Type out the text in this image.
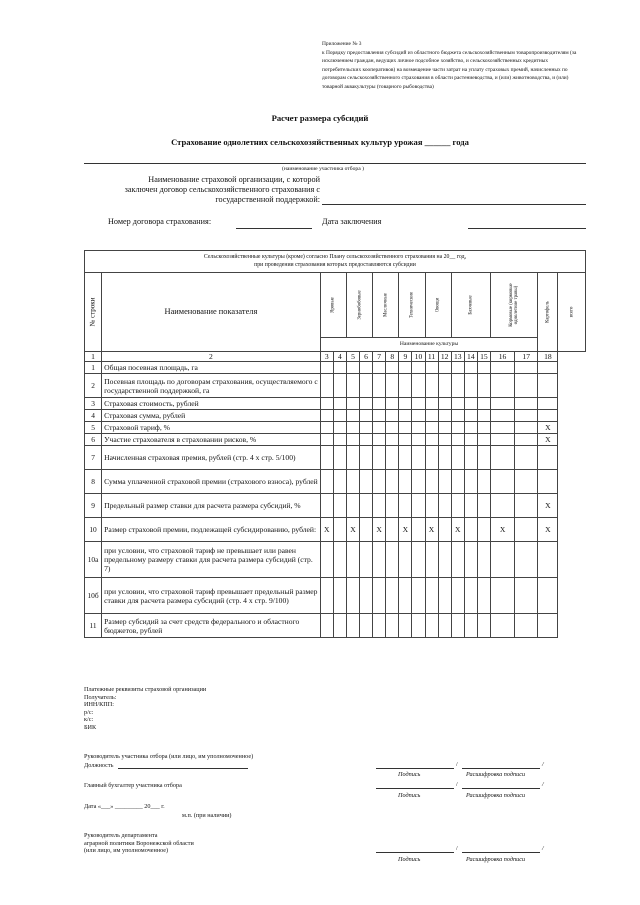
Приложение № 3
к Порядку предоставления субсидий из областного бюджета сельскохозяйственным товаропроизводителям (за исключением граждан, ведущих личное подсобное хозяйство, и сельскохозяйственных кредитных потребительских кооперативов) на возмещение части затрат на уплату страховых премий, начисленных по договорам сельскохозяйственного страхования в области растениеводства, и (или) животноводства, и (или) товарной аквакультуры (товарного рыбоводства)
Расчет размера субсидий
Страхование однолетних сельскохозяйственных культур урожая ______ года
(наименование участника отбора )
Наименование страховой организации, с которой
заключен договор сельскохозяйственного страхования с
государственной поддержкой:
Номер договора страхования:	Дата заключения
Сельскохозяйственные культуры (кроме) согласно Плану сельскохозяйственного страхования на 20__ год,
при проведении страхования которых предоставляются субсидии																		

№ строки	Наименование показателя	Яровые		Зернобобовые		Масличные		Технические		Овощи		Бахчевые			Кормовые (кормовые однолетние травы)		Картофель	всего

		Наименование культуры																
1	2	3	4	5	6	7	8	9	10	11	12	13	14	15	16	17	18	
1	Общая посевная площадь, га																	
2	Посевная площадь по договорам страхования, осуществляемого с государственной поддержкой, га																	
3	Страховая стоимость, рублей																	
4	Страховая сумма, рублей																	
5	Страховой тариф, %																Х	
6	Участие страхователя в страховании рисков, %																Х	
7	Начисленная страховая премия, рублей (стр. 4 х стр. 5/100)																	
8	Сумма уплаченной страховой премии (страхового взноса), рублей																	
9	Предельный размер ставки для расчета размера субсидий, %																Х	
10	Размер страховой премии, подлежащей субсидированию, рублей:	Х		Х		Х		Х		Х		Х			Х		Х	
10а	при условии, что страховой тариф не превышает или равен предельному размеру ставки для расчета размера субсидий (стр. 7)																	
10б	при условии, что страховой тариф превышает предельный размер ставки для расчета размера субсидий (стр. 4 х стр. 9/100)																	
11	Размер субсидий за счет средств федерального и областного бюджетов, рублей																	
Платежные реквизиты страховой организации
Получатель:
ИНН/КПП:
р/с:
к/с:
БИК
Руководитель участника отбора (или лицо, им уполномоченное)
Должность	/	/
Подпись	Расшифровка подписи
Главный бухгалтер участника отбора	/	/
Подпись	Расшифровка подписи
Дата «___» _________ 20___ г.
м.п. (при наличии)
Руководитель департамента
аграрной политики Воронежской области
(или лицо, им уполномоченное)	/	/
Подпись	Расшифровка подписи
